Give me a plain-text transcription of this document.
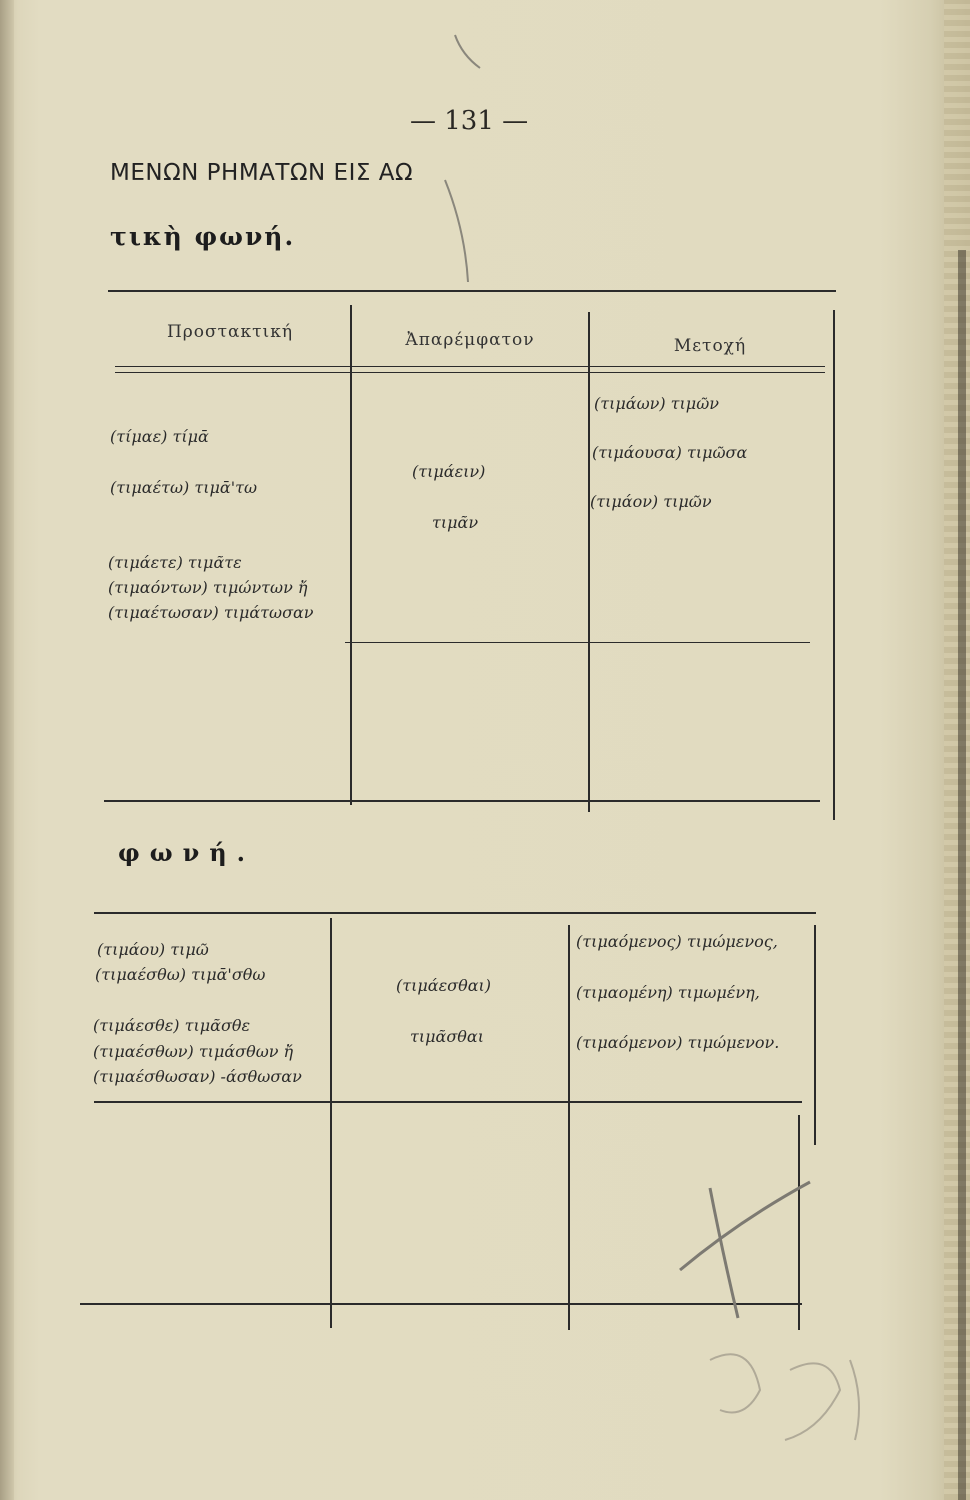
— 131 —
ΜΕΝΩΝ ΡΗΜΑΤΩΝ ΕΙΣ ΑΩ
τικὴ φωνή.
Προστακτική	Ἀπαρέμφατον	Μετοχή
(τίμαε) τίμᾱ
(τιμαέτω) τιμᾱ'τω
(τιμάετε) τιμᾶτε
(τιμαόντων) τιμώντων ἤ
(τιμαέτωσαν) τιμάτωσαν
(τιμάειν)
τιμᾶν
(τιμάων) τιμῶν
(τιμάουσα) τιμῶσα
(τιμάον) τιμῶν
φωνή.
(τιμάου) τιμῶ
(τιμαέσθω) τιμᾱ'σθω
(τιμάεσθε) τιμᾶσθε
(τιμαέσθων) τιμάσθων ἤ
(τιμαέσθωσαν) -άσθωσαν
(τιμάεσθαι)
τιμᾶσθαι
(τιμαόμενος) τιμώμενος,
(τιμαομένη) τιμωμένη,
(τιμαόμενον) τιμώμενον.
